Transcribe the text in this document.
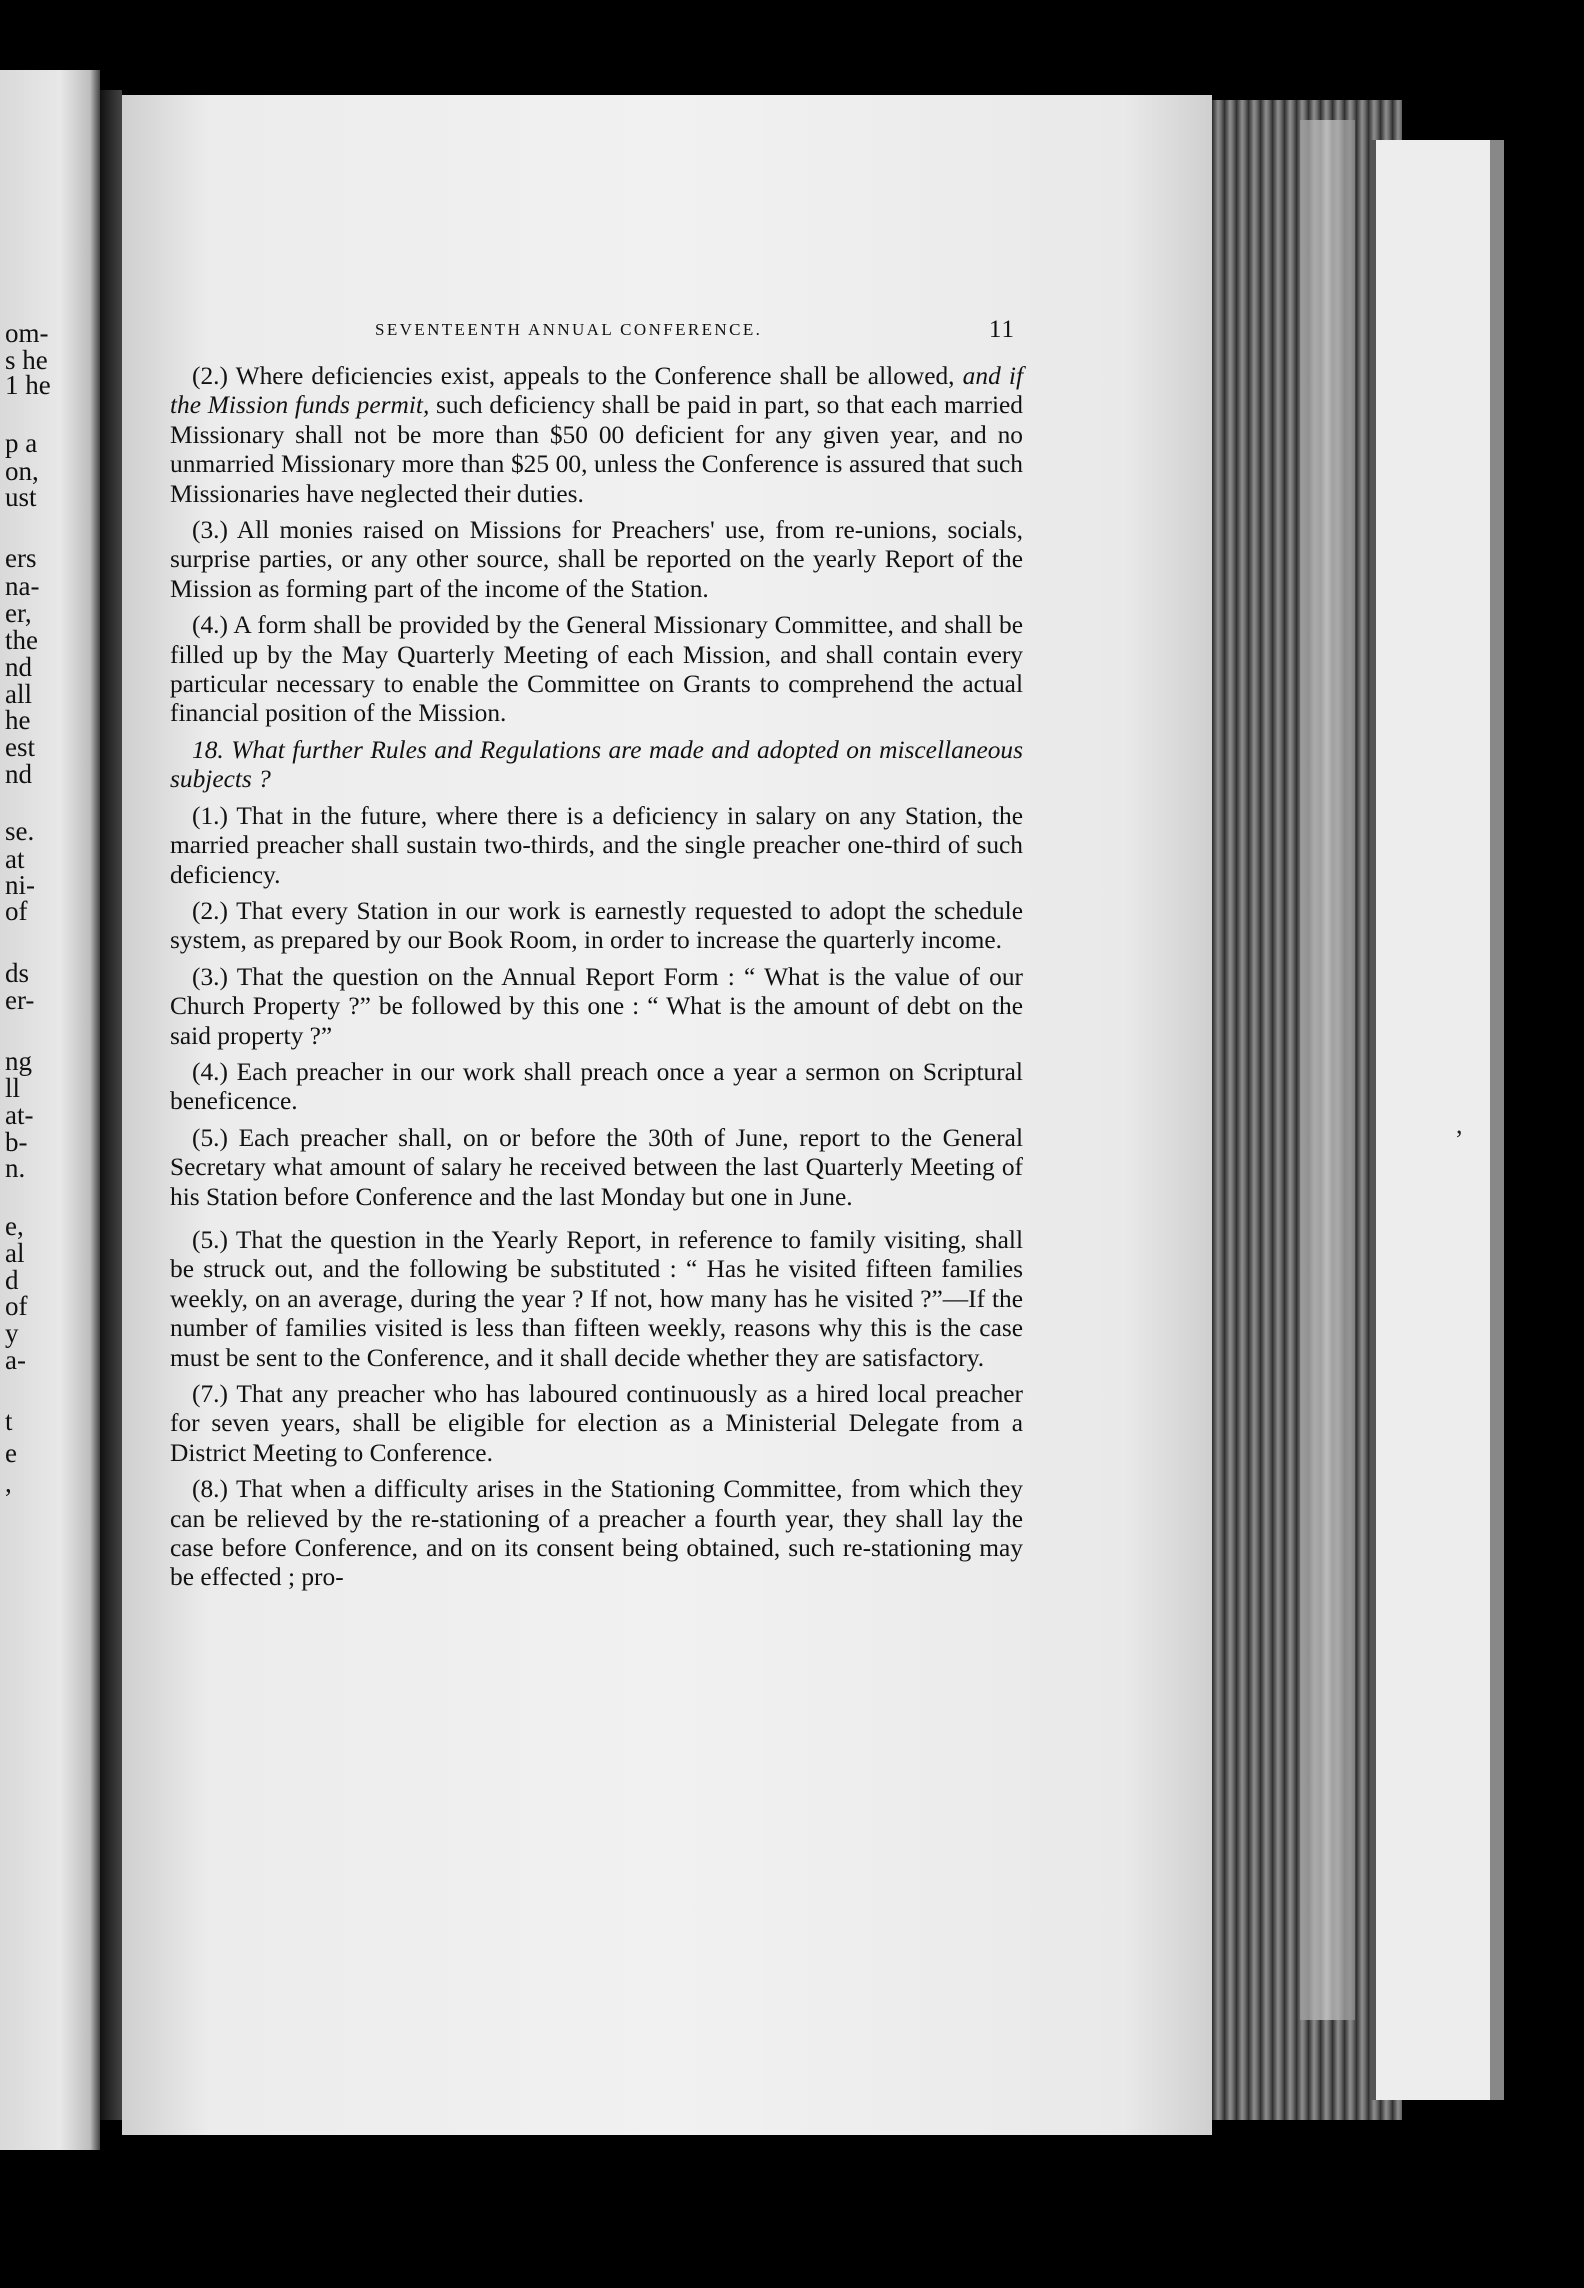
om-
s he
1 he
p a
on,
ust
ers
na-
er,
the
nd
all
he
est
nd
se.
at
ni-
of
ds
er-
ng
ll
at-
b-
n.
e,
al
d
of
y
a-
t
e
,
SEVENTEENTH ANNUAL CONFERENCE.	11

(2.) Where deficiencies exist, appeals to the Conference shall be allowed, and if the Mission funds permit, such deficiency shall be paid in part, so that each married Missionary shall not be more than $50 00 deficient for any given year, and no unmarried Missionary more than $25 00, unless the Conference is assured that such Missionaries have neglected their duties.

(3.) All monies raised on Missions for Preachers' use, from re-unions, socials, surprise parties, or any other source, shall be reported on the yearly Report of the Mission as forming part of the income of the Station.

(4.) A form shall be provided by the General Missionary Committee, and shall be filled up by the May Quarterly Meeting of each Mission, and shall contain every particular necessary to enable the Committee on Grants to comprehend the actual financial position of the Mission.

18. What further Rules and Regulations are made and adopted on miscellaneous subjects ?

(1.) That in the future, where there is a deficiency in salary on any Station, the married preacher shall sustain two-thirds, and the single preacher one-third of such deficiency.

(2.) That every Station in our work is earnestly requested to adopt the schedule system, as prepared by our Book Room, in order to increase the quarterly income.

(3.) That the question on the Annual Report Form : “ What is the value of our Church Property ?” be followed by this one : “ What is the amount of debt on the said property ?”

(4.) Each preacher in our work shall preach once a year a sermon on Scriptural beneficence.

(5.) Each preacher shall, on or before the 30th of June, report to the General Secretary what amount of salary he received between the last Quarterly Meeting of his Station before Conference and the last Monday but one in June.

(5.) That the question in the Yearly Report, in reference to family visiting, shall be struck out, and the following be substituted : “ Has he visited fifteen families weekly, on an average, during the year ? If not, how many has he visited ?”—If the number of families visited is less than fifteen weekly, reasons why this is the case must be sent to the Conference, and it shall decide whether they are satisfactory.

(7.) That any preacher who has laboured continuously as a hired local preacher for seven years, shall be eligible for election as a Ministerial Delegate from a District Meeting to Conference.

(8.) That when a difficulty arises in the Stationing Committee, from which they can be relieved by the re-stationing of a preacher a fourth year, they shall lay the case before Conference, and on its consent being obtained, such re-stationing may be effected ; pro-

,
